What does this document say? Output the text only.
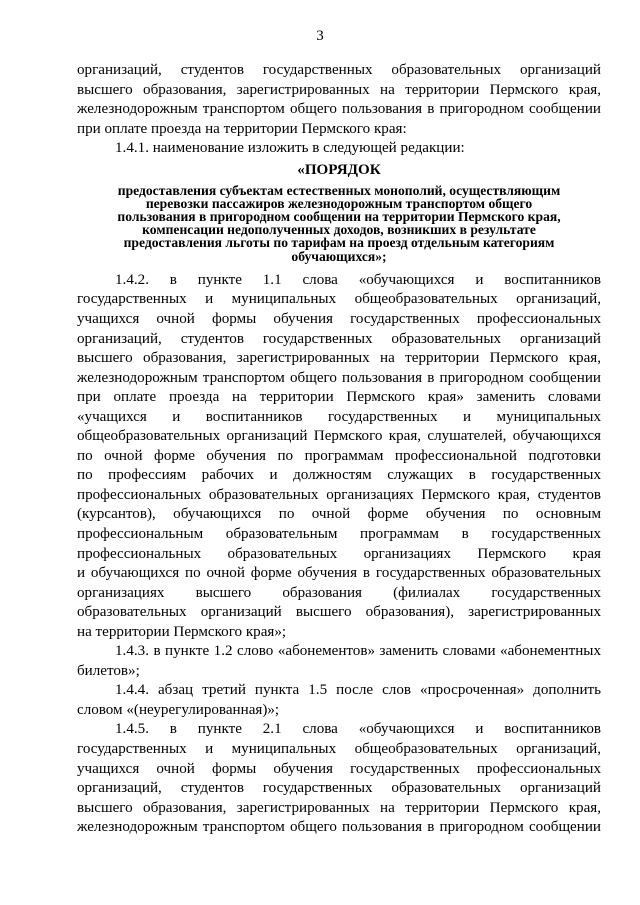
3
организаций, студентов государственных образовательных организаций
высшего образования, зарегистрированных на территории Пермского края,
железнодорожным транспортом общего пользования в пригородном сообщении
при оплате проезда на территории Пермского края:
1.4.1. наименование изложить в следующей редакции:
«ПОРЯДОК
предоставления субъектам естественных монополий, осуществляющим
перевозки пассажиров железнодорожным транспортом общего
пользования в пригородном сообщении на территории Пермского края,
компенсации недополученных доходов, возникших в результате
предоставления льготы по тарифам на проезд отдельным категориям
обучающихся»;
1.4.2. в пункте 1.1 слова «обучающихся и воспитанников
государственных и муниципальных общеобразовательных организаций,
учащихся очной формы обучения государственных профессиональных
организаций, студентов государственных образовательных организаций
высшего образования, зарегистрированных на территории Пермского края,
железнодорожным транспортом общего пользования в пригородном сообщении
при оплате проезда на территории Пермского края» заменить словами
«учащихся и воспитанников государственных и муниципальных
общеобразовательных организаций Пермского края, слушателей, обучающихся
по очной форме обучения по программам профессиональной подготовки
по профессиям рабочих и должностям служащих в государственных
профессиональных образовательных организациях Пермского края, студентов
(курсантов), обучающихся по очной форме обучения по основным
профессиональным образовательным программам в государственных
профессиональных образовательных организациях Пермского края
и обучающихся по очной форме обучения в государственных образовательных
организациях высшего образования (филиалах государственных
образовательных организаций высшего образования), зарегистрированных
на территории Пермского края»;
1.4.3. в пункте 1.2 слово «абонементов» заменить словами «абонементных
билетов»;
1.4.4. абзац третий пункта 1.5 после слов «просроченная» дополнить
словом «(неурегулированная)»;
1.4.5. в пункте 2.1 слова «обучающихся и воспитанников
государственных и муниципальных общеобразовательных организаций,
учащихся очной формы обучения государственных профессиональных
организаций, студентов государственных образовательных организаций
высшего образования, зарегистрированных на территории Пермского края,
железнодорожным транспортом общего пользования в пригородном сообщении
